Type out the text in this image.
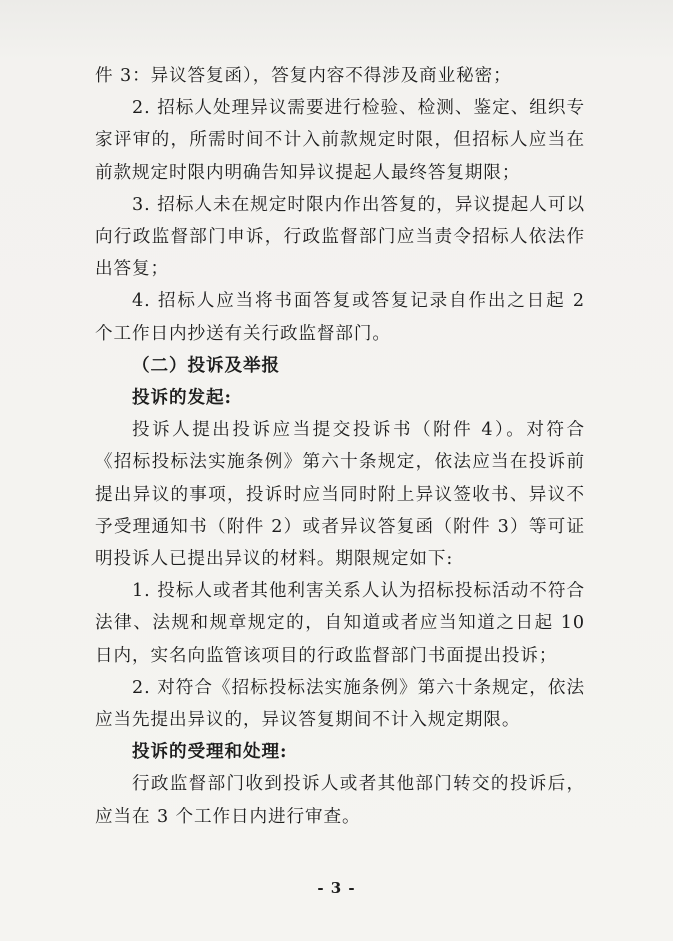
件 3：异议答复函），答复内容不得涉及商业秘密；

2. 招标人处理异议需要进行检验、检测、鉴定、组织专家评审的，所需时间不计入前款规定时限，但招标人应当在前款规定时限内明确告知异议提起人最终答复期限；

3. 招标人未在规定时限内作出答复的，异议提起人可以向行政监督部门申诉，行政监督部门应当责令招标人依法作出答复；

4. 招标人应当将书面答复或答复记录自作出之日起 2 个工作日内抄送有关行政监督部门。

（二）投诉及举报

投诉的发起:

投诉人提出投诉应当提交投诉书（附件 4）。对符合《招标投标法实施条例》第六十条规定，依法应当在投诉前提出异议的事项，投诉时应当同时附上异议签收书、异议不予受理通知书（附件 2）或者异议答复函（附件 3）等可证明投诉人已提出异议的材料。期限规定如下:

1. 投标人或者其他利害关系人认为招标投标活动不符合法律、法规和规章规定的，自知道或者应当知道之日起 10 日内，实名向监管该项目的行政监督部门书面提出投诉；

2. 对符合《招标投标法实施条例》第六十条规定，依法应当先提出异议的，异议答复期间不计入规定期限。

投诉的受理和处理:

行政监督部门收到投诉人或者其他部门转交的投诉后，应当在 3 个工作日内进行审查。

- 3 -
